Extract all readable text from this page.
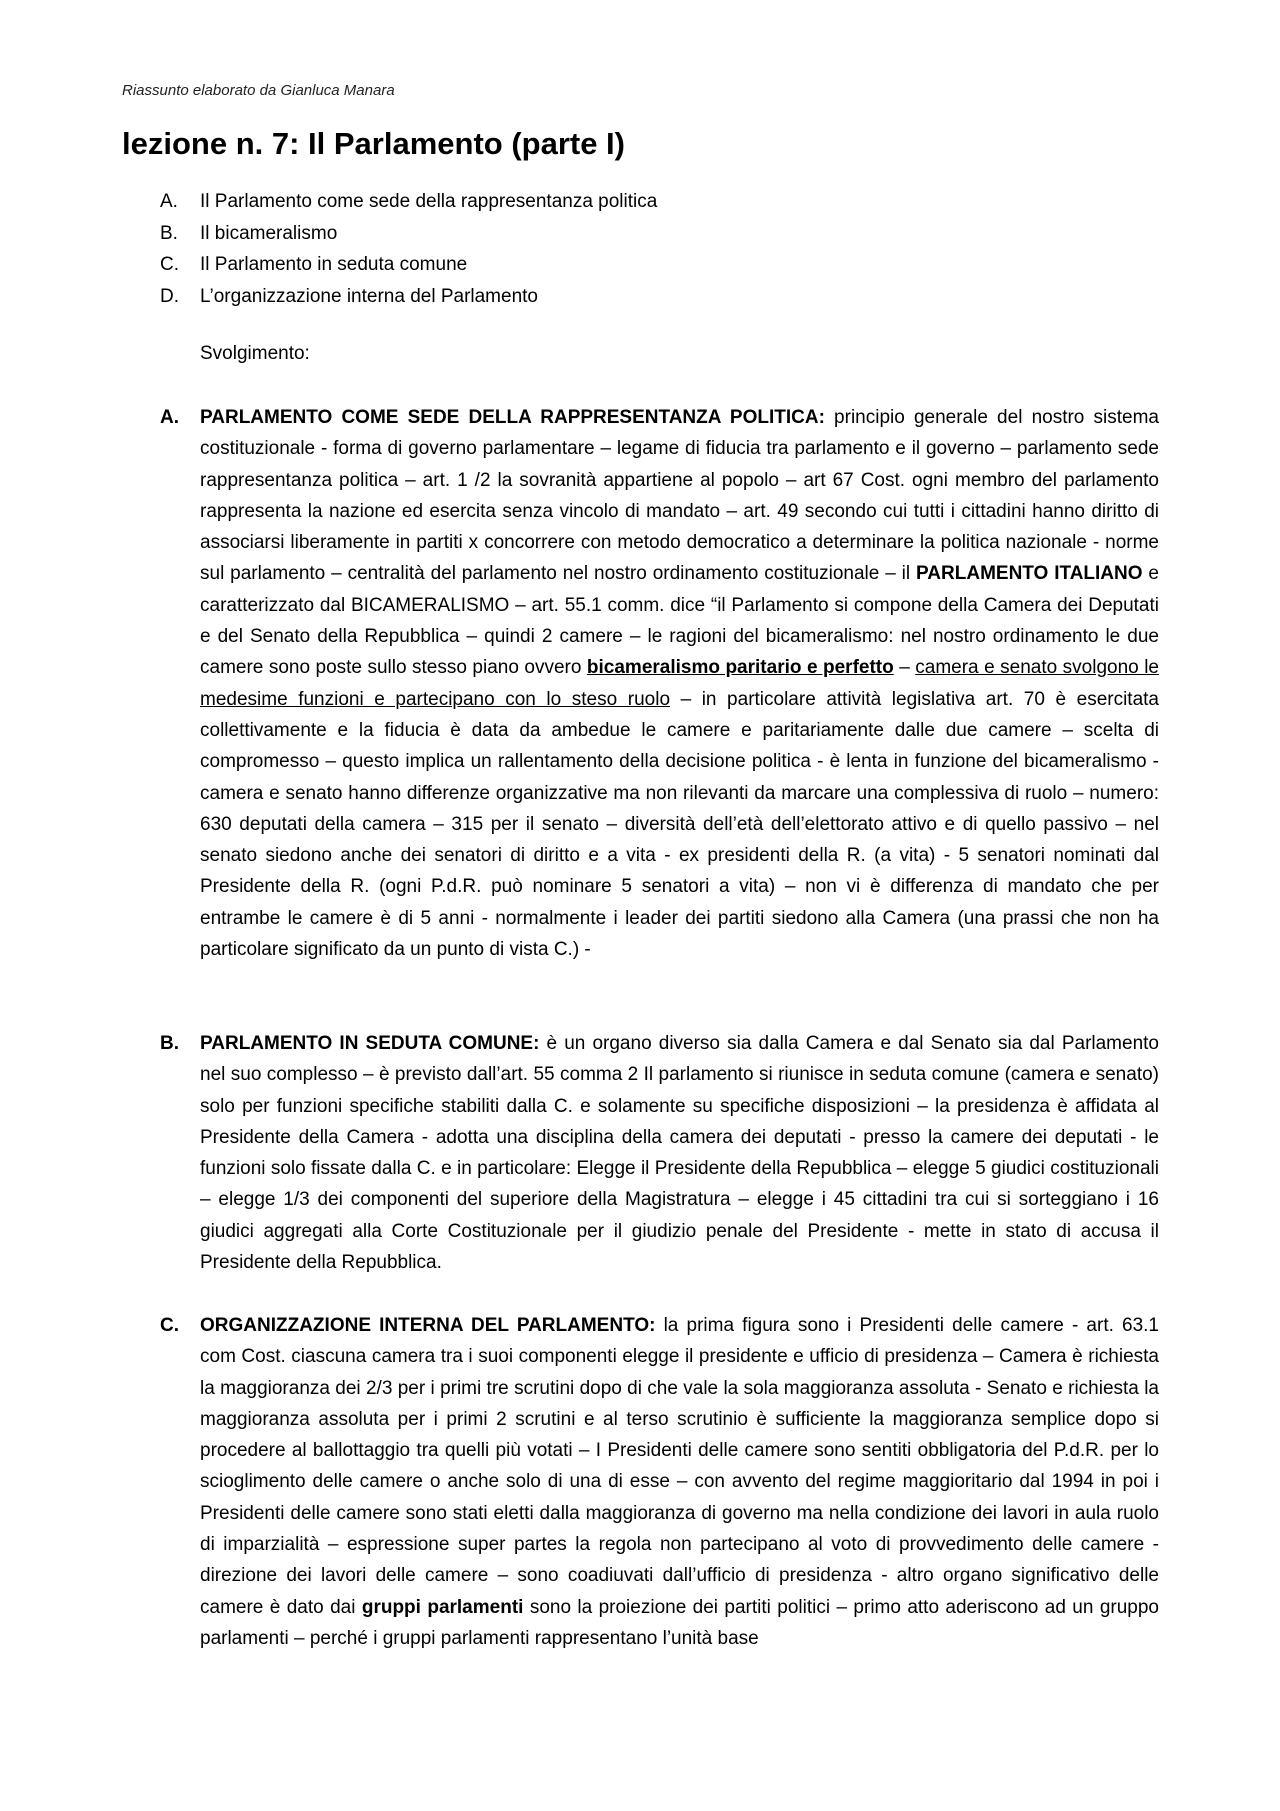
Riassunto elaborato da Gianluca Manara
lezione n. 7: Il Parlamento (parte I)
A.	Il Parlamento come sede della rappresentanza politica
B.	Il bicameralismo
C.	Il Parlamento in seduta comune
D.	L’organizzazione interna del Parlamento
Svolgimento:
A.	PARLAMENTO COME SEDE DELLA RAPPRESENTANZA POLITICA: principio generale del nostro sistema costituzionale - forma di governo parlamentare – legame di fiducia tra parlamento e il governo – parlamento sede rappresentanza politica – art. 1 /2 la sovranità appartiene al popolo – art 67 Cost. ogni membro del parlamento rappresenta la nazione ed esercita senza vincolo di mandato – art. 49 secondo cui tutti i cittadini hanno diritto di associarsi liberamente in partiti x concorrere con metodo democratico a determinare la politica nazionale - norme sul parlamento – centralità del parlamento nel nostro ordinamento costituzionale – il PARLAMENTO ITALIANO e caratterizzato dal BICAMERALISMO – art. 55.1 comm. dice “il Parlamento si compone della Camera dei Deputati e del Senato della Repubblica – quindi 2 camere – le ragioni del bicameralismo: nel nostro ordinamento le due camere sono poste sullo stesso piano ovvero bicameralismo paritario e perfetto – camera e senato svolgono le medesime funzioni e partecipano con lo steso ruolo – in particolare attività legislativa art. 70 è esercitata collettivamente e la fiducia è data da ambedue le camere e paritariamente dalle due camere – scelta di compromesso – questo implica un rallentamento della decisione politica - è lenta in funzione del bicameralismo - camera e senato hanno differenze organizzative ma non rilevanti da marcare una complessiva di ruolo – numero: 630 deputati della camera – 315 per il senato – diversità dell’età dell’elettorato attivo e di quello passivo – nel senato siedono anche dei senatori di diritto e a vita - ex presidenti della R. (a vita) - 5 senatori nominati dal Presidente della R. (ogni P.d.R. può nominare 5 senatori a vita) – non vi è differenza di mandato che per entrambe le camere è di 5 anni - normalmente i leader dei partiti siedono alla Camera (una prassi che non ha particolare significato da un punto di vista C.) -

B.	PARLAMENTO IN SEDUTA COMUNE: è un organo diverso sia dalla Camera e dal Senato sia dal Parlamento nel suo complesso – è previsto dall’art. 55 comma 2 Il parlamento si riunisce in seduta comune (camera e senato) solo per funzioni specifiche stabiliti dalla C. e solamente su specifiche disposizioni – la presidenza è affidata al Presidente della Camera - adotta una disciplina della camera dei deputati - presso la camere dei deputati - le funzioni solo fissate dalla C. e in particolare: Elegge il Presidente della Repubblica – elegge 5 giudici costituzionali – elegge 1/3 dei componenti del superiore della Magistratura – elegge i 45 cittadini tra cui si sorteggiano i 16 giudici aggregati alla Corte Costituzionale per il giudizio penale del Presidente - mette in stato di accusa il Presidente della Repubblica.

C.	ORGANIZZAZIONE INTERNA DEL PARLAMENTO: la prima figura sono i Presidenti delle camere - art. 63.1 com Cost. ciascuna camera tra i suoi componenti elegge il presidente e ufficio di presidenza – Camera è richiesta la maggioranza dei 2/3 per i primi tre scrutini dopo di che vale la sola maggioranza assoluta - Senato e richiesta la maggioranza assoluta per i primi 2 scrutini e al terso scrutinio è sufficiente la maggioranza semplice dopo si procedere al ballottaggio tra quelli più votati – I Presidenti delle camere sono sentiti obbligatoria del P.d.R. per lo scioglimento delle camere o anche solo di una di esse – con avvento del regime maggioritario dal 1994 in poi i Presidenti delle camere sono stati eletti dalla maggioranza di governo ma nella condizione dei lavori in aula ruolo di imparzialità – espressione super partes la regola non partecipano al voto di provvedimento delle camere - direzione dei lavori delle camere – sono coadiuvati dall’ufficio di presidenza - altro organo significativo delle camere è dato dai gruppi parlamenti sono la proiezione dei partiti politici – primo atto aderiscono ad un gruppo parlamenti – perché i gruppi parlamenti rappresentano l’unità base
